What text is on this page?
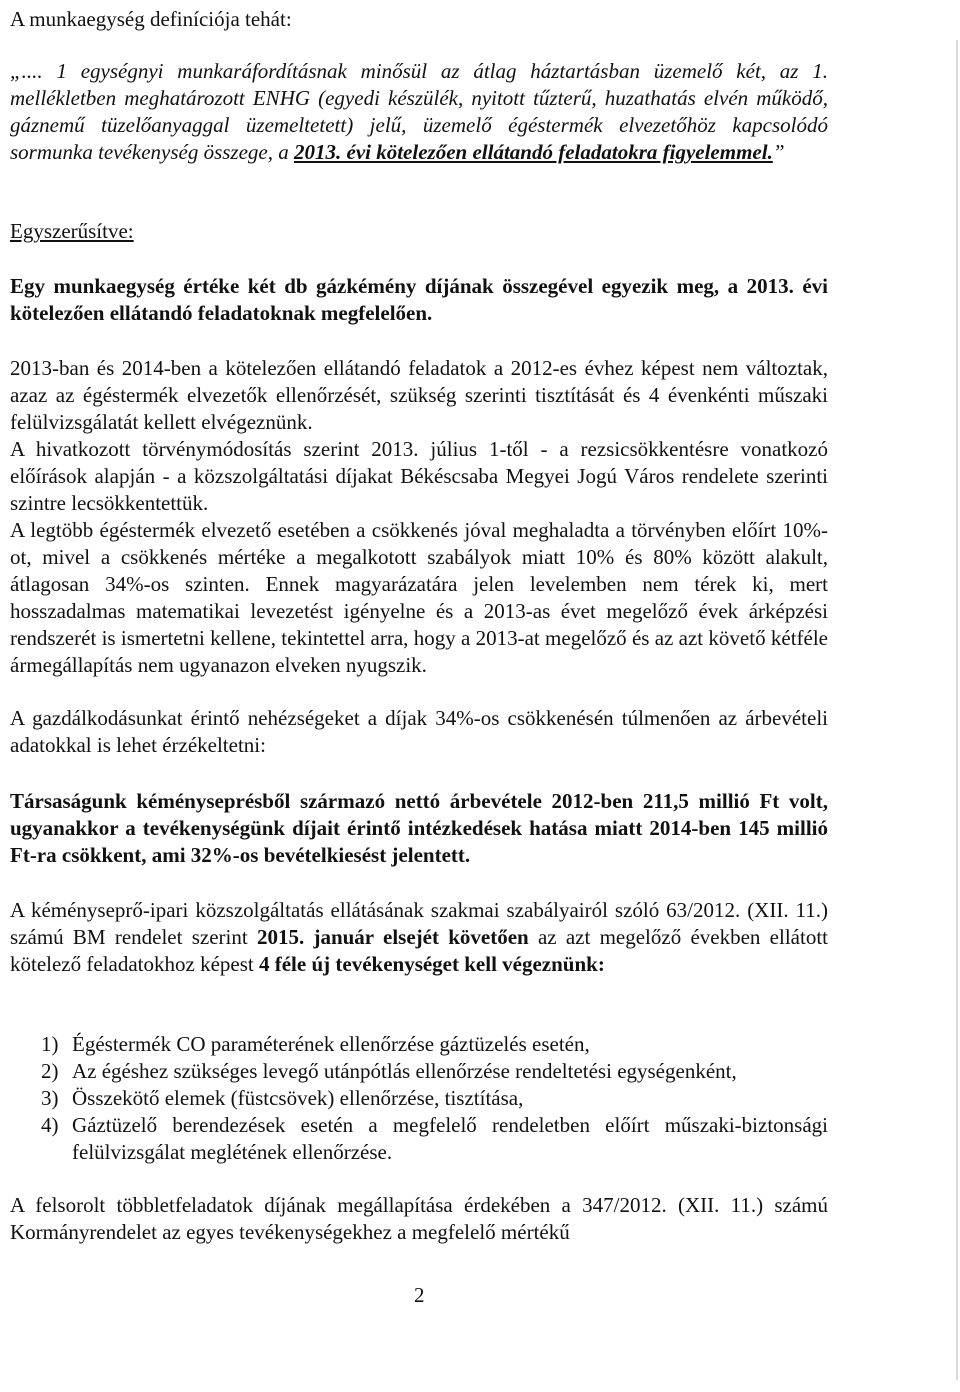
A munkaegység definíciója tehát:

„.... 1 egységnyi munkaráfordításnak minősül az átlag háztartásban üzemelő két, az 1. mellékletben meghatározott ENHG (egyedi készülék, nyitott tűzterű, huzathatás elvén működő, gáznemű tüzelőanyaggal üzemeltetett) jelű, üzemelő égéstermék elvezetőhöz kapcsolódó sormunka tevékenység összege, a 2013. évi kötelezően ellátandó feladatokra figyelemmel.”

Egyszerűsítve:

Egy munkaegység értéke két db gázkémény díjának összegével egyezik meg, a 2013. évi kötelezően ellátandó feladatoknak megfelelően.

2013-ban és 2014-ben a kötelezően ellátandó feladatok a 2012-es évhez képest nem változtak, azaz az égéstermék elvezetők ellenőrzését, szükség szerinti tisztítását és 4 évenkénti műszaki felülvizsgálatát kellett elvégeznünk.

A hivatkozott törvénymódosítás szerint 2013. július 1-től - a rezsicsökkentésre vonatkozó előírások alapján - a közszolgáltatási díjakat Békéscsaba Megyei Jogú Város rendelete szerinti szintre lecsökkentettük.

A legtöbb égéstermék elvezető esetében a csökkenés jóval meghaladta a törvényben előírt 10%-ot, mivel a csökkenés mértéke a megalkotott szabályok miatt 10% és 80% között alakult, átlagosan 34%-os szinten. Ennek magyarázatára jelen levelemben nem térek ki, mert hosszadalmas matematikai levezetést igényelne és a 2013-as évet megelőző évek árképzési rendszerét is ismertetni kellene, tekintettel arra, hogy a 2013-at megelőző és az azt követő kétféle ármegállapítás nem ugyanazon elveken nyugszik.

A gazdálkodásunkat érintő nehézségeket a díjak 34%-os csökkenésén túlmenően az árbevételi adatokkal is lehet érzékeltetni:

Társaságunk kéményseprésből származó nettó árbevétele 2012-ben 211,5 millió Ft volt, ugyanakkor a tevékenységünk díjait érintő intézkedések hatása miatt 2014-ben 145 millió Ft-ra csökkent, ami 32%-os bevételkiesést jelentett.

A kéményseprő-ipari közszolgáltatás ellátásának szakmai szabályairól szóló 63/2012. (XII. 11.) számú BM rendelet szerint 2015. január elsejét követően az azt megelőző években ellátott kötelező feladatokhoz képest 4 féle új tevékenységet kell végeznünk:

1) Égéstermék CO paraméterének ellenőrzése gáztüzelés esetén,
2) Az égéshez szükséges levegő utánpótlás ellenőrzése rendeltetési egységenként,
3) Összekötő elemek (füstcsövek) ellenőrzése, tisztítása,
4) Gáztüzelő berendezések esetén a megfelelő rendeletben előírt műszaki-biztonsági felülvizsgálat meglétének ellenőrzése.

A felsorolt többletfeladatok díjának megállapítása érdekében a 347/2012. (XII. 11.) számú Kormányrendelet az egyes tevékenységekhez a megfelelő mértékű

2
